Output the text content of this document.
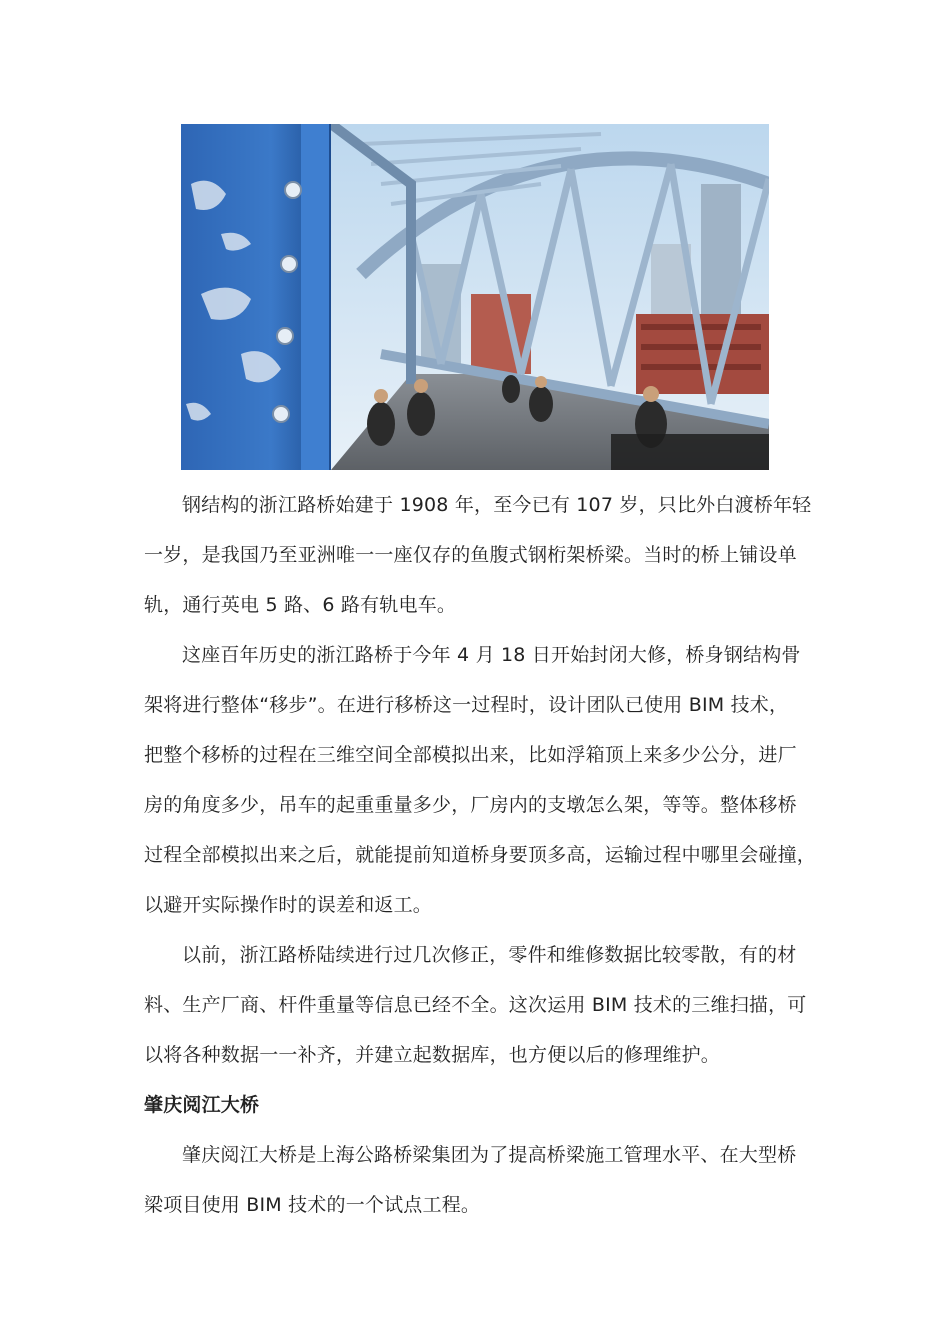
钢结构的浙江路桥始建于 1908 年，至今已有 107 岁，只比外白渡桥年轻
一岁，是我国乃至亚洲唯一一座仅存的鱼腹式钢桁架桥梁。当时的桥上铺设单
轨，通行英电 5 路、6 路有轨电车。
这座百年历史的浙江路桥于今年 4 月 18 日开始封闭大修，桥身钢结构骨
架将进行整体“移步”。在进行移桥这一过程时，设计团队已使用 BIM 技术，
把整个移桥的过程在三维空间全部模拟出来，比如浮箱顶上来多少公分，进厂
房的角度多少，吊车的起重重量多少，厂房内的支墩怎么架，等等。整体移桥
过程全部模拟出来之后，就能提前知道桥身要顶多高，运输过程中哪里会碰撞，
以避开实际操作时的误差和返工。
以前，浙江路桥陆续进行过几次修正，零件和维修数据比较零散，有的材
料、生产厂商、杆件重量等信息已经不全。这次运用 BIM 技术的三维扫描，可
以将各种数据一一补齐，并建立起数据库，也方便以后的修理维护。
肇庆阅江大桥
肇庆阅江大桥是上海公路桥梁集团为了提高桥梁施工管理水平、在大型桥
梁项目使用 BIM 技术的一个试点工程。
